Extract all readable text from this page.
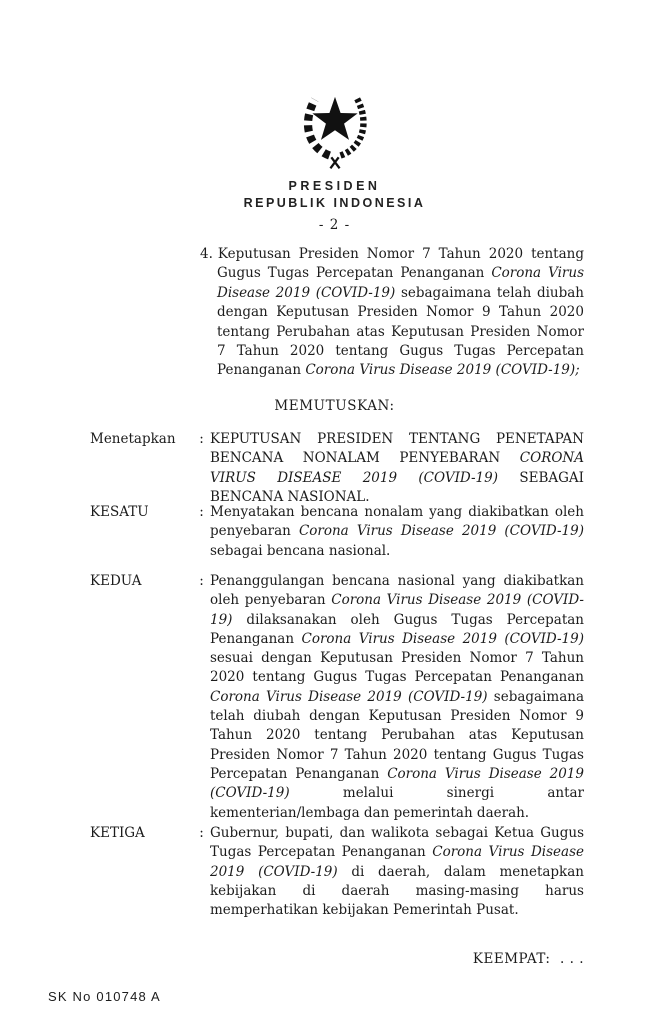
PRESIDEN
REPUBLIK INDONESIA
- 2 -
4. Keputusan Presiden Nomor 7 Tahun 2020 tentang Gugus Tugas Percepatan Penanganan Corona Virus Disease 2019 (COVID-19) sebagaimana telah diubah dengan Keputusan Presiden Nomor 9 Tahun 2020 tentang Perubahan atas Keputusan Presiden Nomor 7 Tahun 2020 tentang Gugus Tugas Percepatan Penanganan Corona Virus Disease 2019 (COVID-19);
MEMUTUSKAN:
Menetapkan	: KEPUTUSAN PRESIDEN TENTANG PENETAPAN BENCANA NONALAM PENYEBARAN CORONA VIRUS DISEASE 2019 (COVID-19) SEBAGAI BENCANA NASIONAL.
KESATU	: Menyatakan bencana nonalam yang diakibatkan oleh penyebaran Corona Virus Disease 2019 (COVID-19) sebagai bencana nasional.
KEDUA	: Penanggulangan bencana nasional yang diakibatkan oleh penyebaran Corona Virus Disease 2019 (COVID-19) dilaksanakan oleh Gugus Tugas Percepatan Penanganan Corona Virus Disease 2019 (COVID-19) sesuai dengan Keputusan Presiden Nomor 7 Tahun 2020 tentang Gugus Tugas Percepatan Penanganan Corona Virus Disease 2019 (COVID-19) sebagaimana telah diubah dengan Keputusan Presiden Nomor 9 Tahun 2020 tentang Perubahan atas Keputusan Presiden Nomor 7 Tahun 2020 tentang Gugus Tugas Percepatan Penanganan Corona Virus Disease 2019 (COVID-19) melalui sinergi antar kementerian/lembaga dan pemerintah daerah.
KETIGA	: Gubernur, bupati, dan walikota sebagai Ketua Gugus Tugas Percepatan Penanganan Corona Virus Disease 2019 (COVID-19) di daerah, dalam menetapkan kebijakan di daerah masing-masing harus memperhatikan kebijakan Pemerintah Pusat.
KEEMPAT:  . . .
SK No 010748 A
